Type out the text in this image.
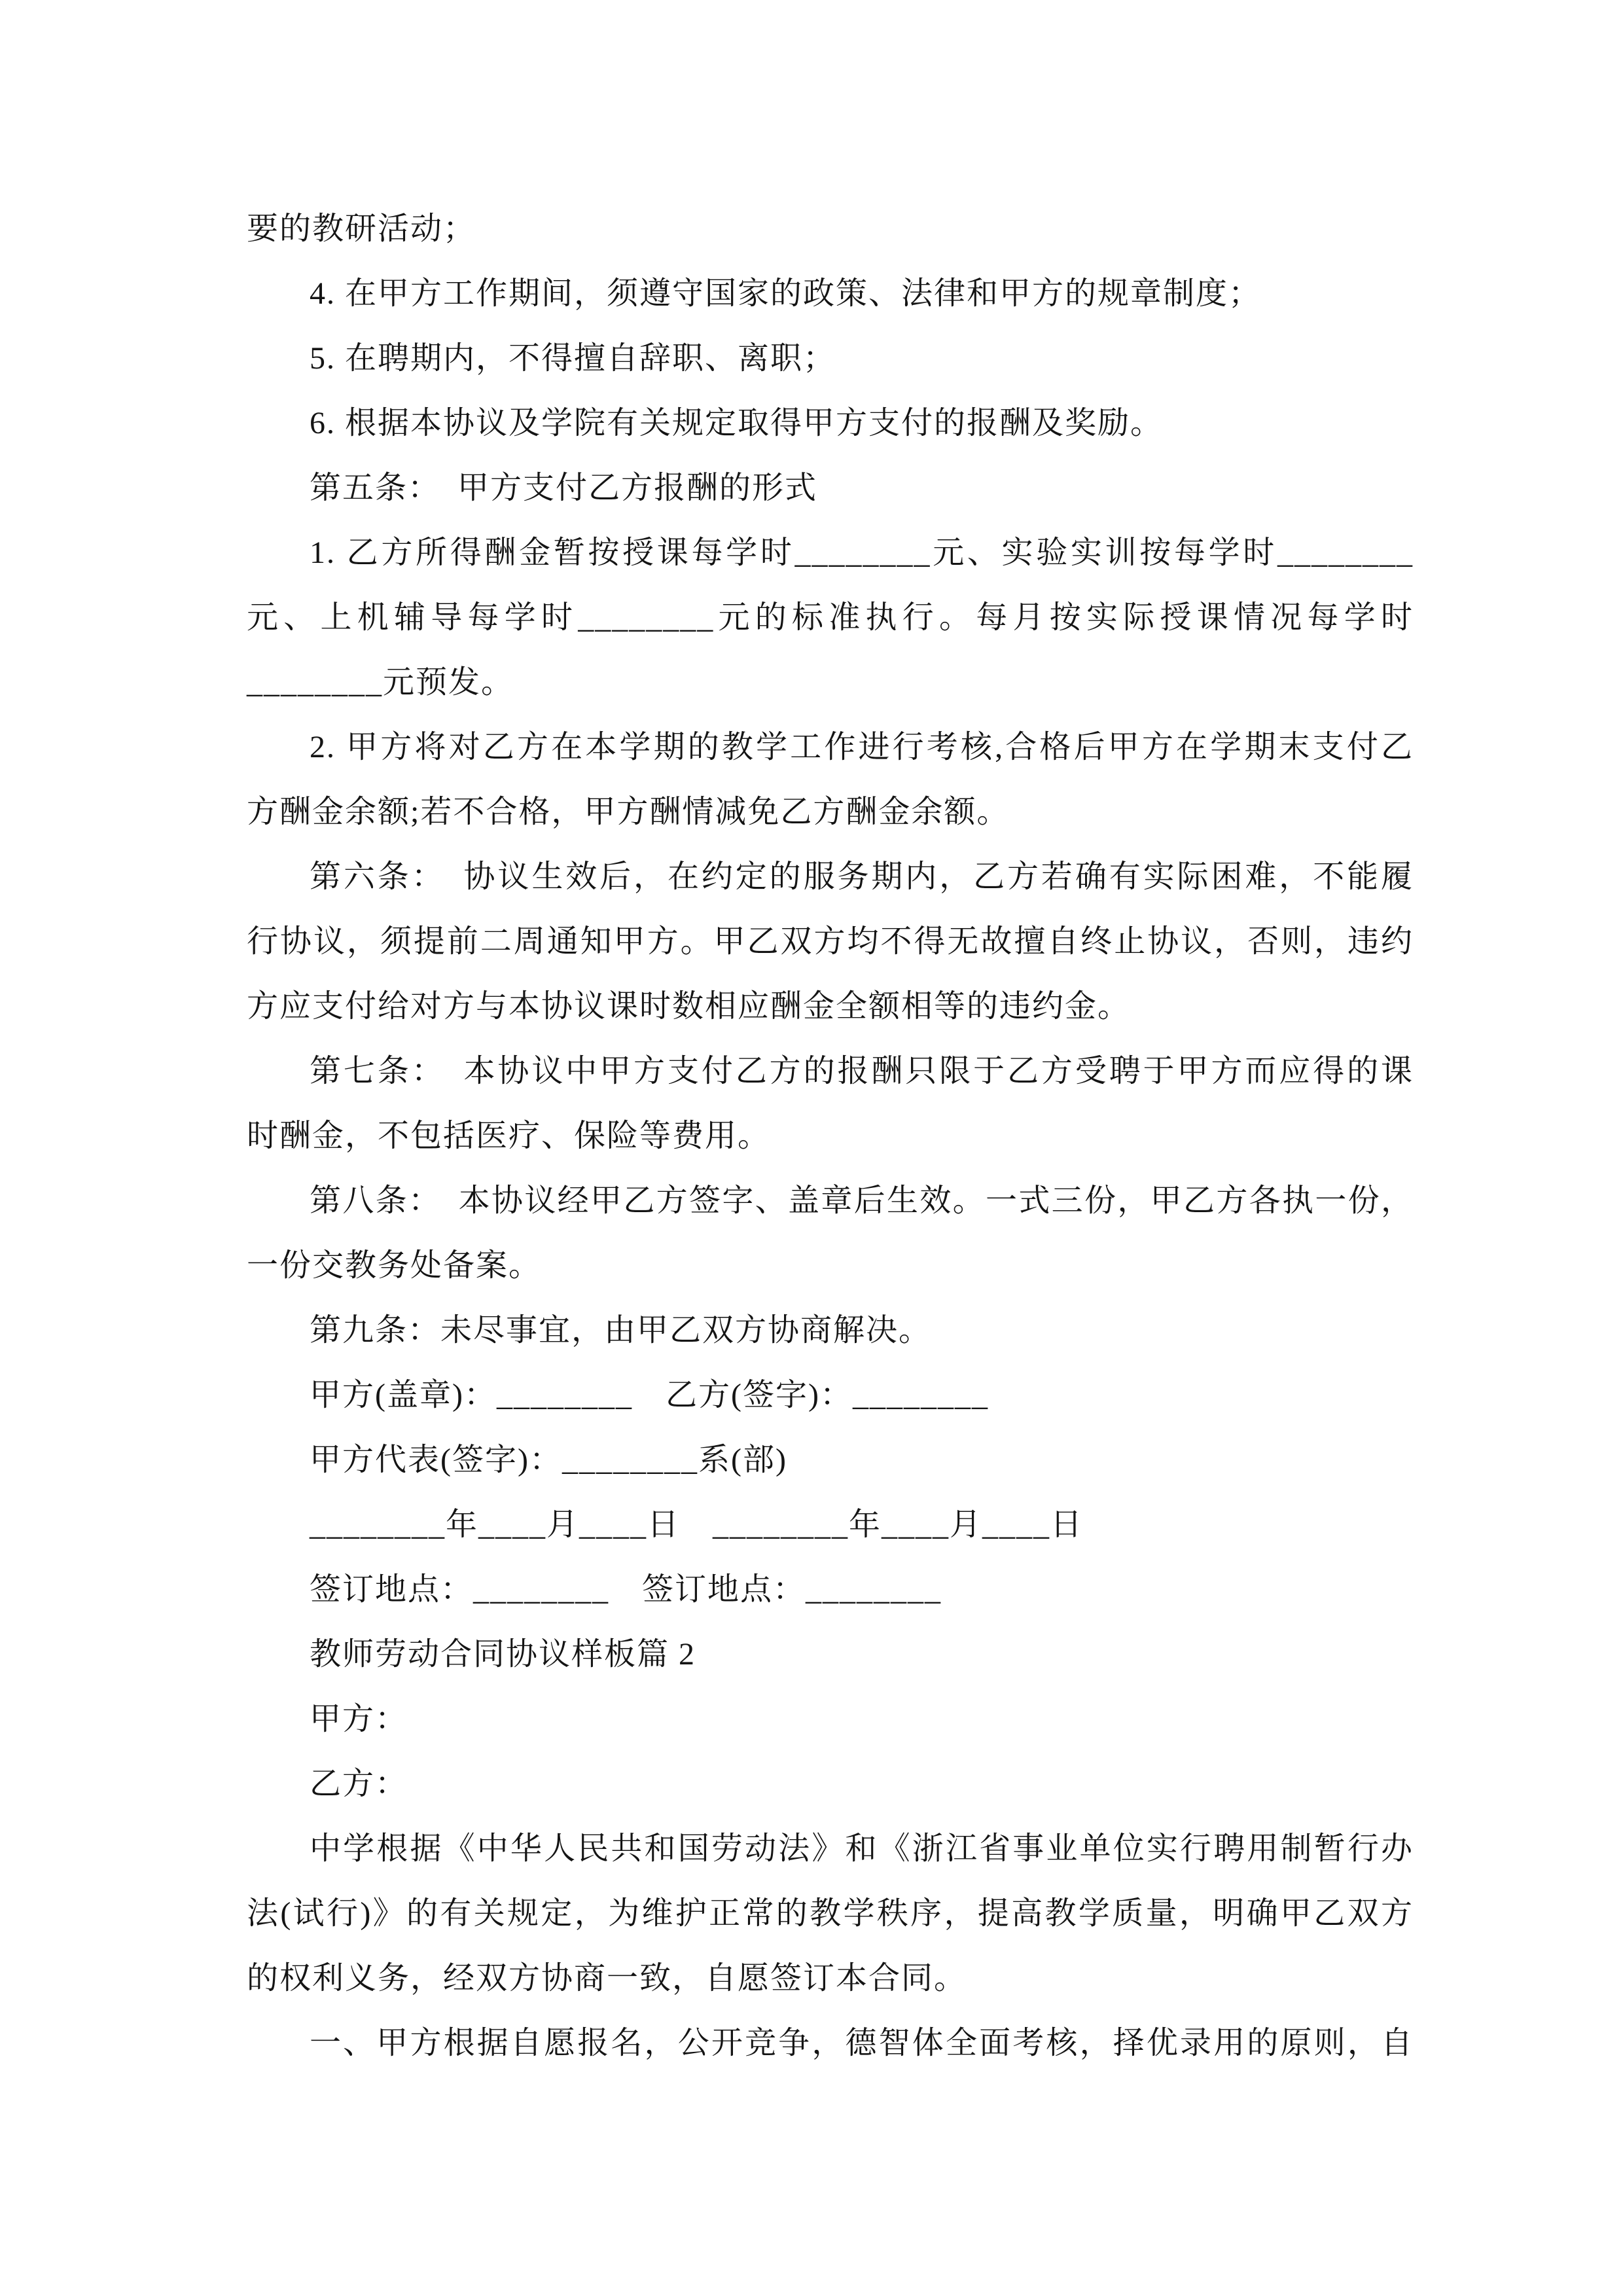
要的教研活动；
4. 在甲方工作期间，须遵守国家的政策、法律和甲方的规章制度；
5. 在聘期内，不得擅自辞职、离职；
6. 根据本协议及学院有关规定取得甲方支付的报酬及奖励。
第五条：　甲方支付乙方报酬的形式
1. 乙方所得酬金暂按授课每学时________元、实验实训按每学时________
元、上机辅导每学时________元的标准执行。每月按实际授课情况每学时
________元预发。
2. 甲方将对乙方在本学期的教学工作进行考核,合格后甲方在学期末支付乙
方酬金余额;若不合格，甲方酬情减免乙方酬金余额。
第六条：　协议生效后，在约定的服务期内，乙方若确有实际困难，不能履
行协议，须提前二周通知甲方。甲乙双方均不得无故擅自终止协议，否则，违约
方应支付给对方与本协议课时数相应酬金全额相等的违约金。
第七条：　本协议中甲方支付乙方的报酬只限于乙方受聘于甲方而应得的课
时酬金，不包括医疗、保险等费用。
第八条：　本协议经甲乙方签字、盖章后生效。一式三份，甲乙方各执一份，
一份交教务处备案。
第九条：未尽事宜，由甲乙双方协商解决。
甲方(盖章)：________　乙方(签字)：________
甲方代表(签字)：________系(部)
________年____月____日　________年____月____日
签订地点：________　签订地点：________
教师劳动合同协议样板篇 2
甲方：
乙方：
中学根据《中华人民共和国劳动法》和《浙江省事业单位实行聘用制暂行办
法(试行)》的有关规定，为维护正常的教学秩序，提高教学质量，明确甲乙双方
的权利义务，经双方协商一致，自愿签订本合同。
一、甲方根据自愿报名，公开竞争，德智体全面考核，择优录用的原则，自
